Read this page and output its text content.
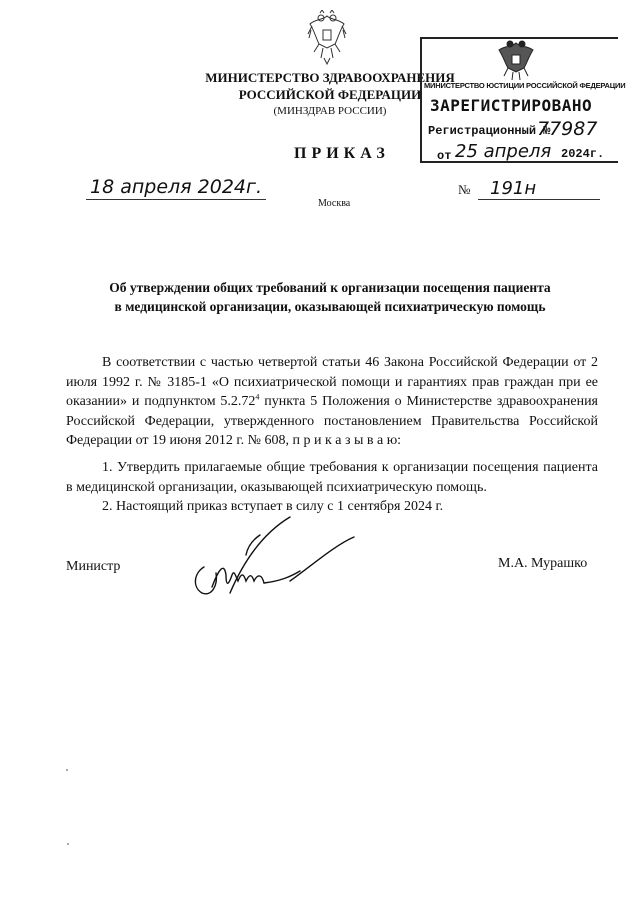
МИНИСТЕРСТВО ЗДРАВООХРАНЕНИЯ
РОССИЙСКОЙ ФЕДЕРАЦИИ
(МИНЗДРАВ РОССИИ)
МИНИСТЕРСТВО ЮСТИЦИИ РОССИЙСКОЙ ФЕДЕРАЦИИ
ЗАРЕГИСТРИРОВАНО
Регистрационный №
77987
от 25 апреля 2024г.
ПРИКАЗ
18 апреля 2024г.
Москва
№	191н
Об утверждении общих требований к организации посещения пациента
в медицинской организации, оказывающей психиатрическую помощь
В соответствии с частью четвертой статьи 46 Закона Российской Федерации от 2 июля 1992 г. № 3185-1 «О психиатрической помощи и гарантиях прав граждан при ее оказании» и подпунктом 5.2.72$^4$ пункта 5 Положения о Министерстве здравоохранения Российской Федерации, утвержденного постановлением Правительства Российской Федерации от 19 июня 2012 г. № 608, п р и к а з ы в а ю:
1. Утвердить прилагаемые общие требования к организации посещения пациента в медицинской организации, оказывающей психиатрическую помощь.
2. Настоящий приказ вступает в силу с 1 сентября 2024 г.
Министр	М.А. Мурашко
